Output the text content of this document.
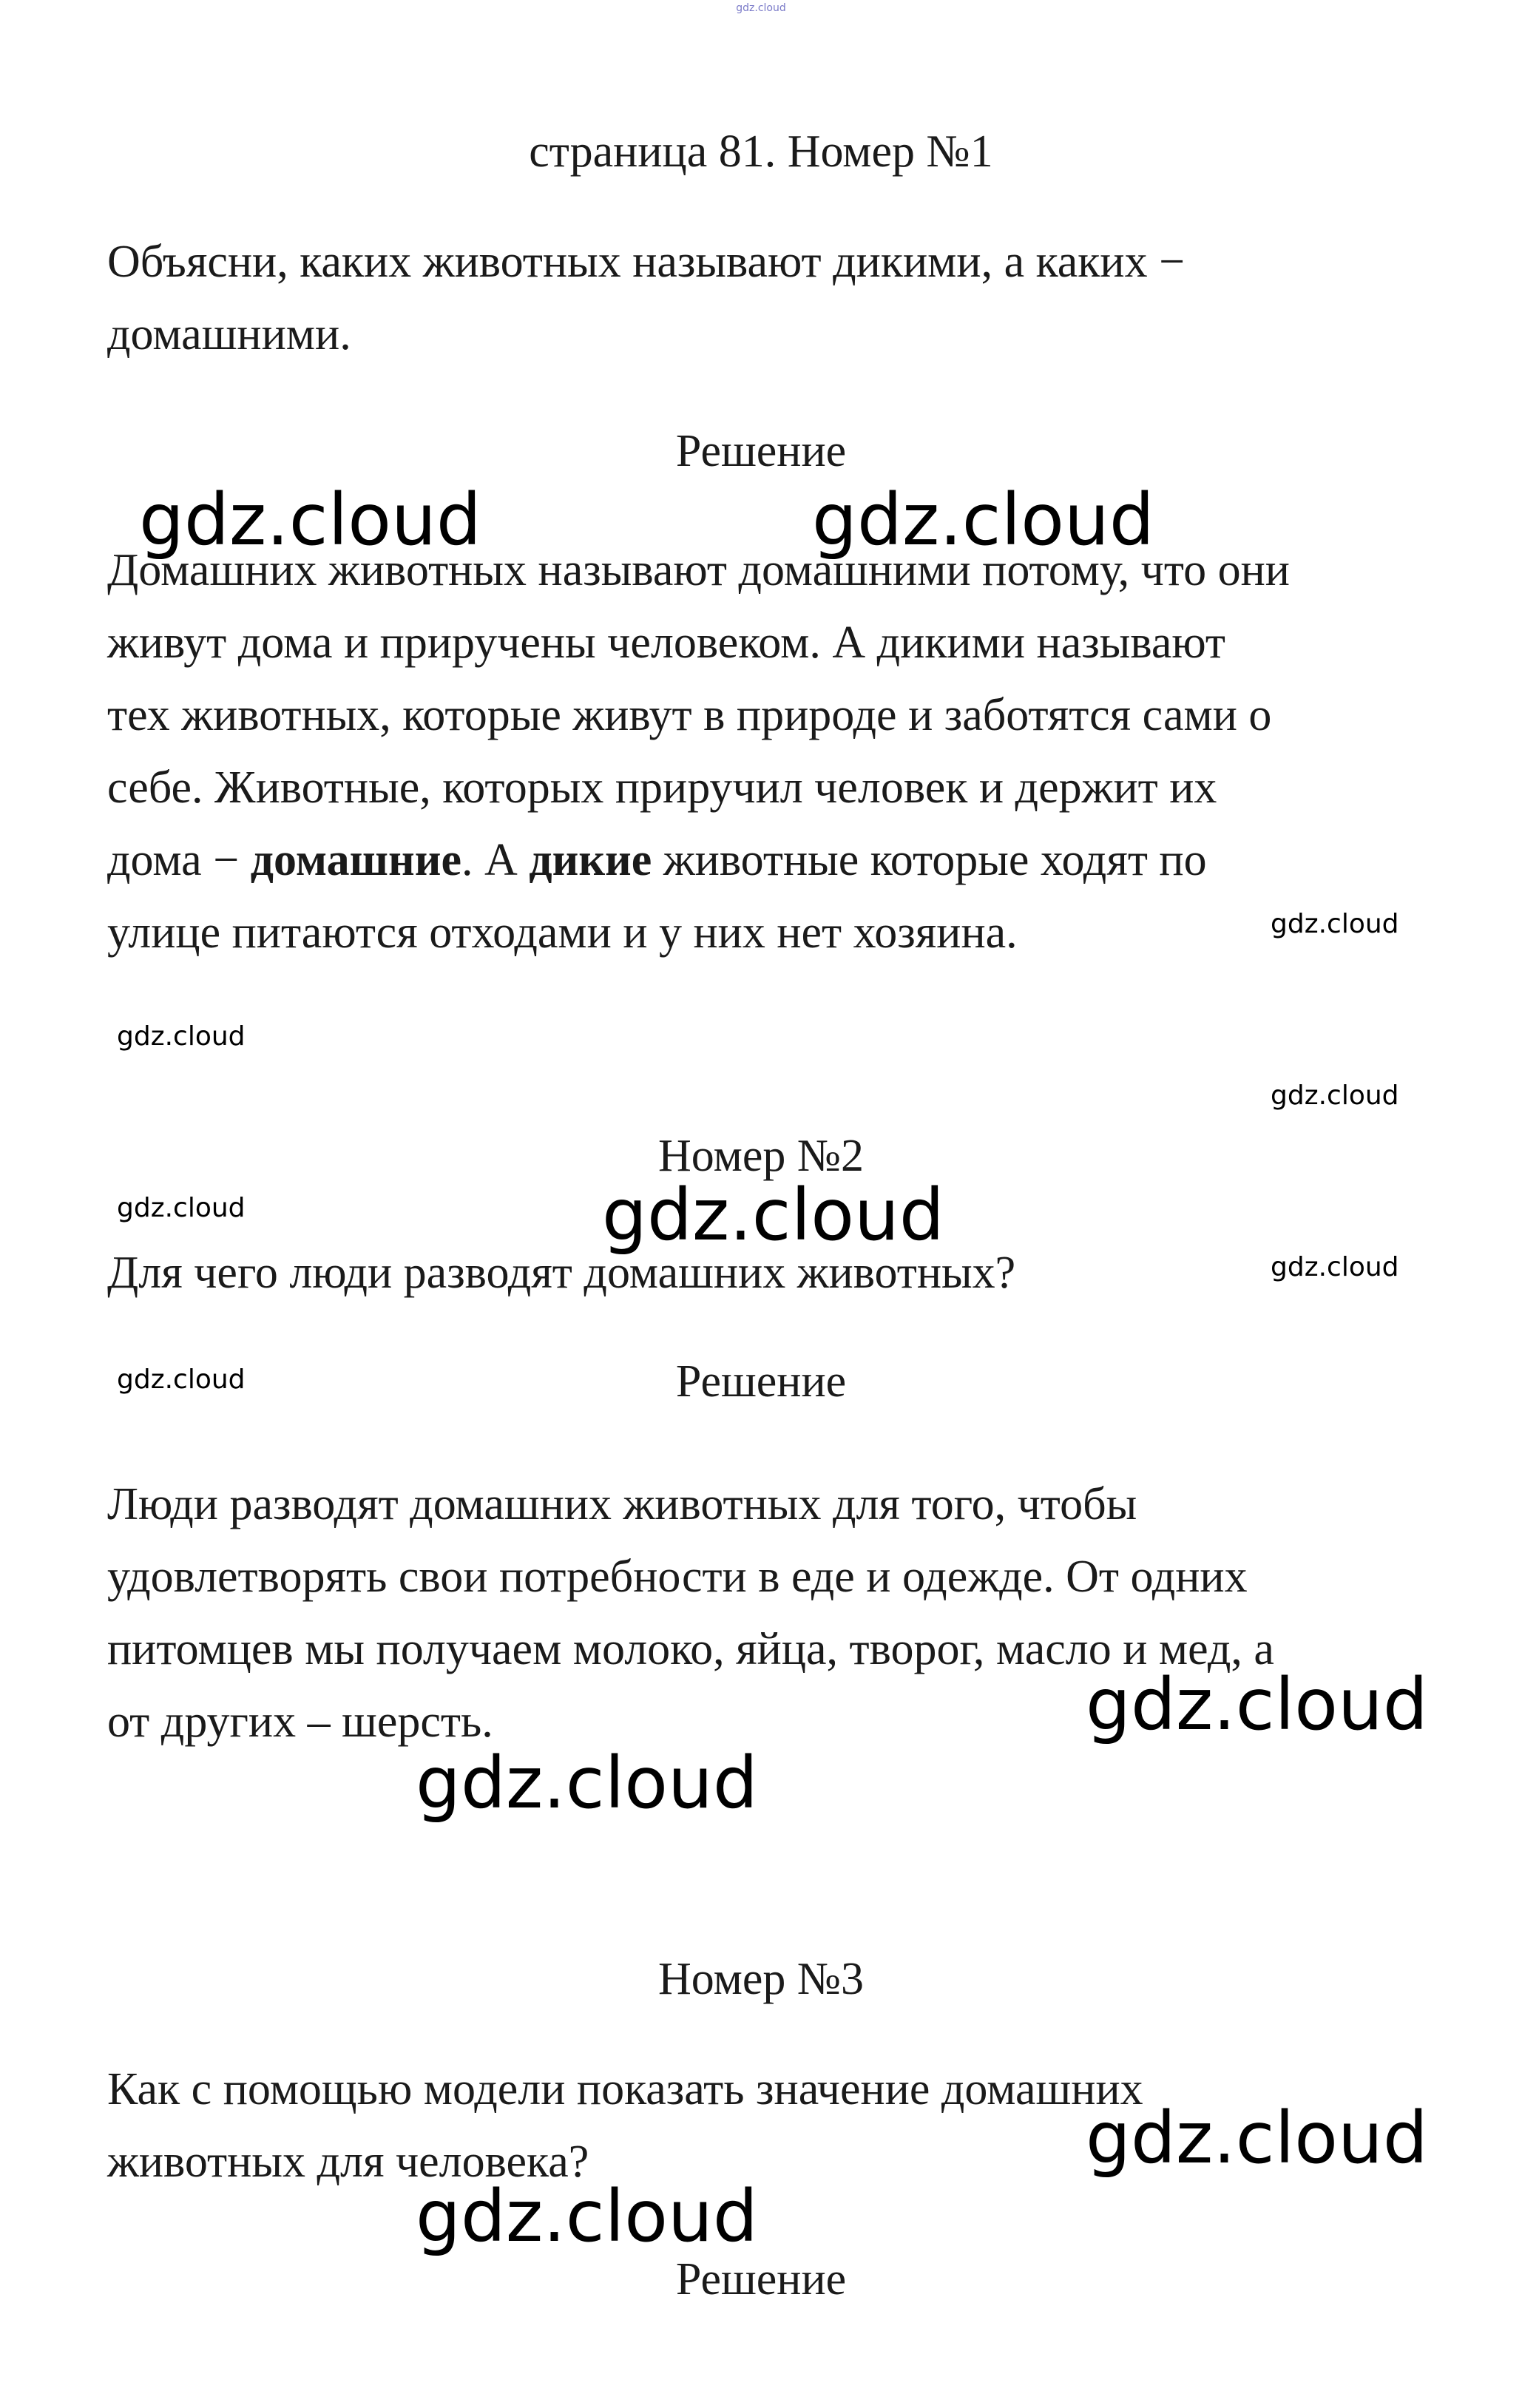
gdz.cloud
страница 81. Номер №1
Объясни, каких животных называют дикими, а каких −
домашними.
Решение
Домашних животных называют домашними потому, что они
живут дома и приручены человеком. А дикими называют
тех животных, которые живут в природе и заботятся сами о
себе. Животные, которых приручил человек и держит их
дома − домашние. А дикие животные которые ходят по
улице питаются отходами и у них нет хозяина.
Номер №2
Для чего люди разводят домашних животных?
Решение
Люди разводят домашних животных для того, чтобы
удовлетворять свои потребности в еде и одежде. От одних
питомцев мы получаем молоко, яйца, творог, масло и мед, а
от других – шерсть.
Номер №3
Как с помощью модели показать значение домашних
животных для человека?
Решение
gdz.cloud	gdz.cloud
gdz.cloud
gdz.cloud
gdz.cloud
gdz.cloud
gdz.cloud
gdz.cloud
gdz.cloud
gdz.cloud
gdz.cloud
gdz.cloud
gdz.cloud
